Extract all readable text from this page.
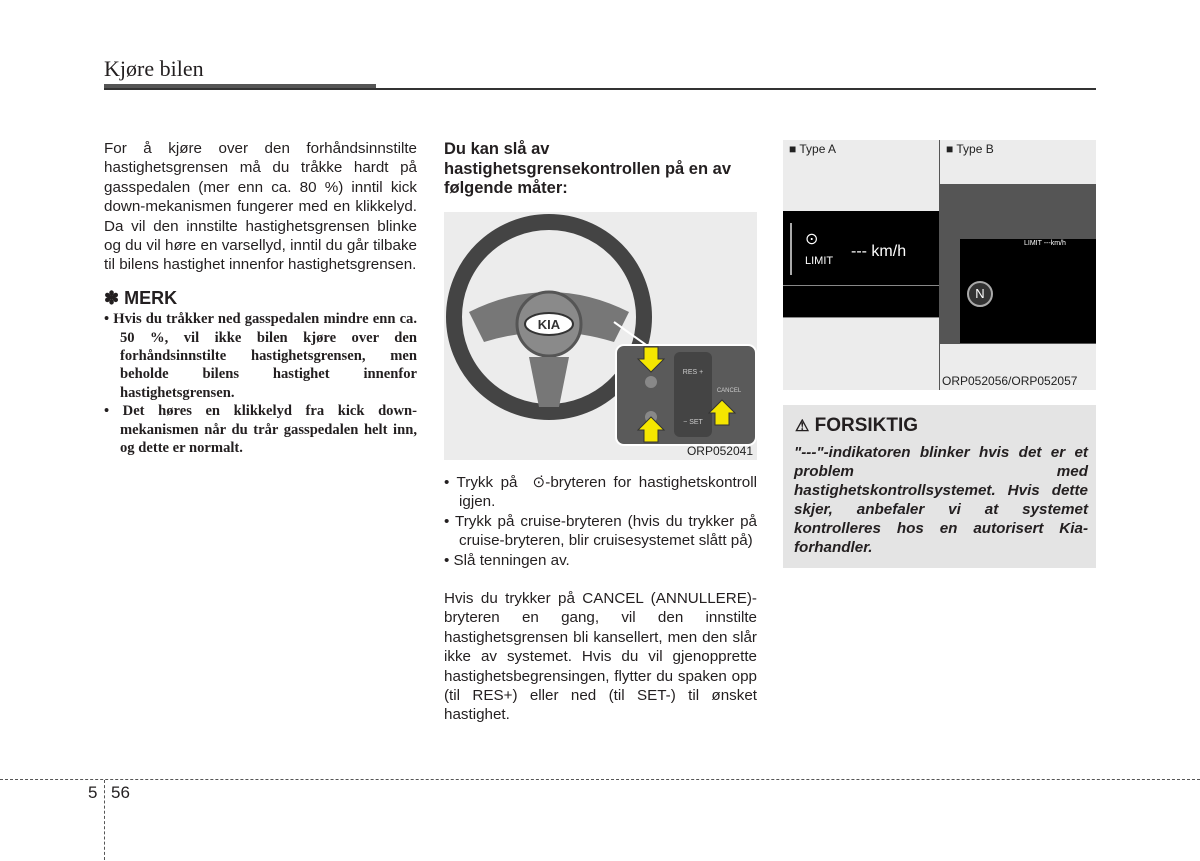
Kjøre bilen
For å kjøre over den forhåndsinnstilte hastighetsgrensen må du tråkke hardt på gasspedalen (mer enn ca. 80 %) inntil kick down-mekanismen fungerer med en klikkelyd. Da vil den innstilte hastighetsgrensen blinke og du vil høre en varsellyd, inntil du går tilbake til bilens hastighet innenfor hastighetsgrensen.
✽ MERK
• Hvis du tråkker ned gasspedalen mindre enn ca. 50 %, vil ikke bilen kjøre over den forhåndsinnstilte hastighetsgrensen, men beholde bilens hastighet innenfor hastighetsgrensen.
• Det høres en klikkelyd fra kick down-mekanismen når du trår gasspedalen helt inn, og dette er normalt.
Du kan slå av hastighetsgrensekontrollen på en av følgende måter:
KIA
RES +
− SET
CANCEL
ORP052041
• Trykk på ⊙̇-bryteren for hastighetskontroll igjen.
• Trykk på cruise-bryteren (hvis du trykker på cruise-bryteren, blir cruisesystemet slått på)
• Slå tenningen av.
Hvis du trykker på CANCEL (ANNULLERE)-bryteren en gang, vil den innstilte hastighetsgrensen bli kansellert, men den slår ikke av systemet. Hvis du vil gjenopprette hastighetsbegrensingen, flytter du spaken opp (til RES+) eller ned (til SET-) til ønsket hastighet.
■ Type A
⊙
LIMIT
--- km/h
■ Type B
LIMIT ---km/h
N
ORP052056/ORP052057
⚠ FORSIKTIG
"---"-indikatoren blinker hvis det er et problem med hastighetskontrollsystemet. Hvis dette skjer, anbefaler vi at systemet kontrolleres hos en autorisert Kia-forhandler.
5 56
